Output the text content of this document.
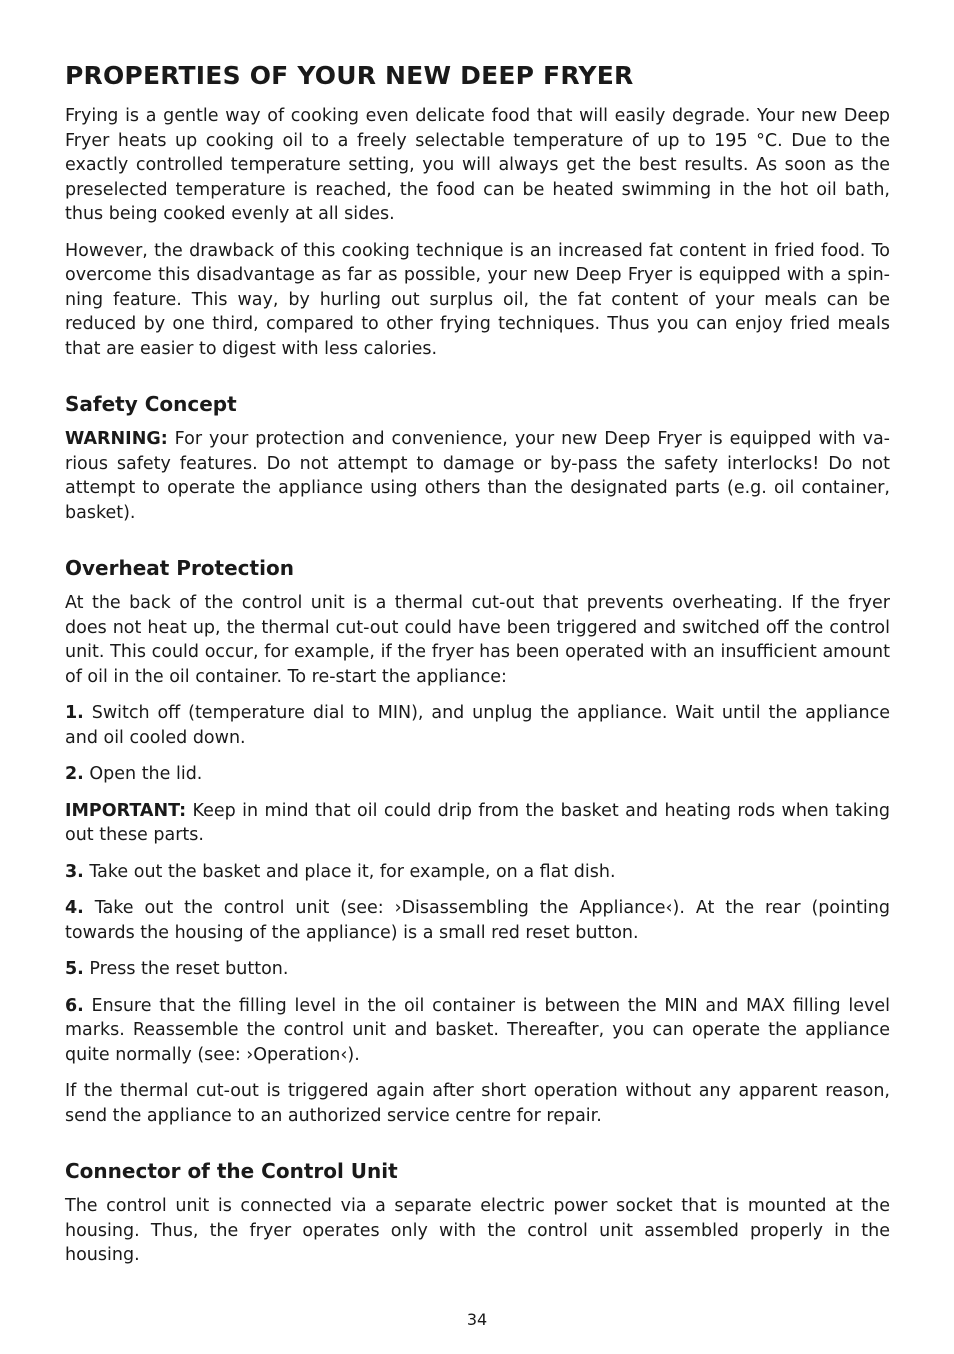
PROPERTIES OF YOUR NEW DEEP FRYER

Frying is a gentle way of cooking even delicate food that will easily degrade. Your new Deep Fryer heats up cooking oil to a freely selectable temperature of up to 195 °C. Due to the exactly controlled temperature setting, you will always get the best results. As soon as the preselected temperature is reached, the food can be heated swimming in the hot oil bath, thus being cooked evenly at all sides.

However, the drawback of this cooking technique is an increased fat content in fried food. To overcome this disadvantage as far as possible, your new Deep Fryer is equipped with a spinning feature. This way, by hurling out surplus oil, the fat content of your meals can be reduced by one third, compared to other frying techniques. Thus you can enjoy fried meals that are easier to digest with less calories.

Safety Concept

WARNING: For your protection and convenience, your new Deep Fryer is equipped with various safety features. Do not attempt to damage or by-pass the safety interlocks! Do not attempt to operate the appliance using others than the designated parts (e.g. oil container, basket).

Overheat Protection

At the back of the control unit is a thermal cut-out that prevents overheating. If the fryer does not heat up, the thermal cut-out could have been triggered and switched off the control unit. This could occur, for example, if the fryer has been operated with an insufficient amount of oil in the oil container. To re-start the appliance:

1. Switch off (temperature dial to MIN), and unplug the appliance. Wait until the appliance and oil cooled down.

2. Open the lid.

IMPORTANT: Keep in mind that oil could drip from the basket and heating rods when taking out these parts.

3. Take out the basket and place it, for example, on a flat dish.

4. Take out the control unit (see: ›Disassembling the Appliance‹). At the rear (pointing towards the housing of the appliance) is a small red reset button.

5. Press the reset button.

6. Ensure that the filling level in the oil container is between the MIN and MAX filling level marks. Reassemble the control unit and basket. Thereafter, you can operate the appliance quite normally (see: ›Operation‹).

If the thermal cut-out is triggered again after short operation without any apparent reason, send the appliance to an authorized service centre for repair.

Connector of the Control Unit

The control unit is connected via a separate electric power socket that is mounted at the housing. Thus, the fryer operates only with the control unit assembled properly in the housing.

34
